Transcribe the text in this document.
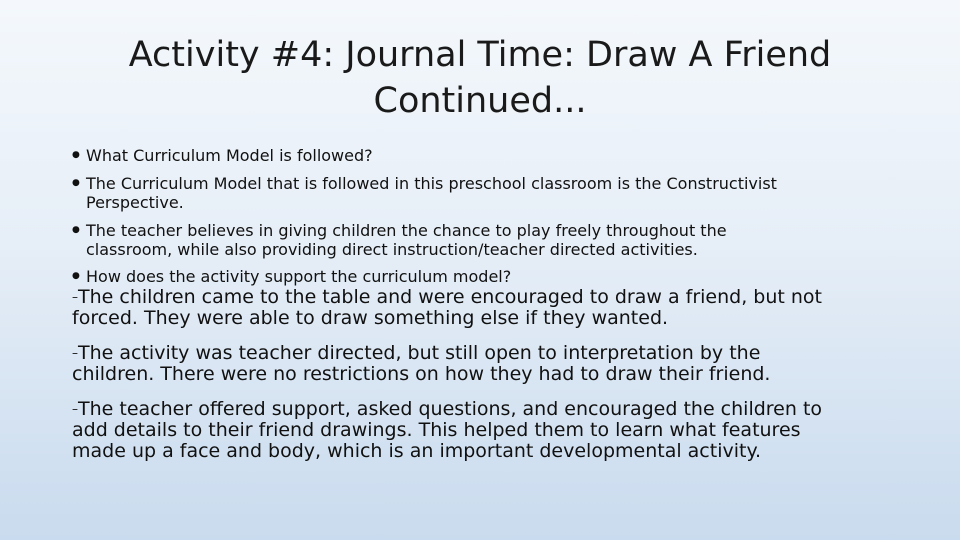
Activity #4: Journal Time: Draw A Friend
Continued...
● What Curriculum Model is followed?
● The Curriculum Model that is followed in this preschool classroom is the Constructivist
Perspective.
● The teacher believes in giving children the chance to play freely throughout the
classroom, while also providing direct instruction/teacher directed activities.
● How does the activity support the curriculum model?
–The children came to the table and were encouraged to draw a friend, but not
forced. They were able to draw something else if they wanted.
–The activity was teacher directed, but still open to interpretation by the
children. There were no restrictions on how they had to draw their friend.
–The teacher offered support, asked questions, and encouraged the children to
add details to their friend drawings. This helped them to learn what features
made up a face and body, which is an important developmental activity.
